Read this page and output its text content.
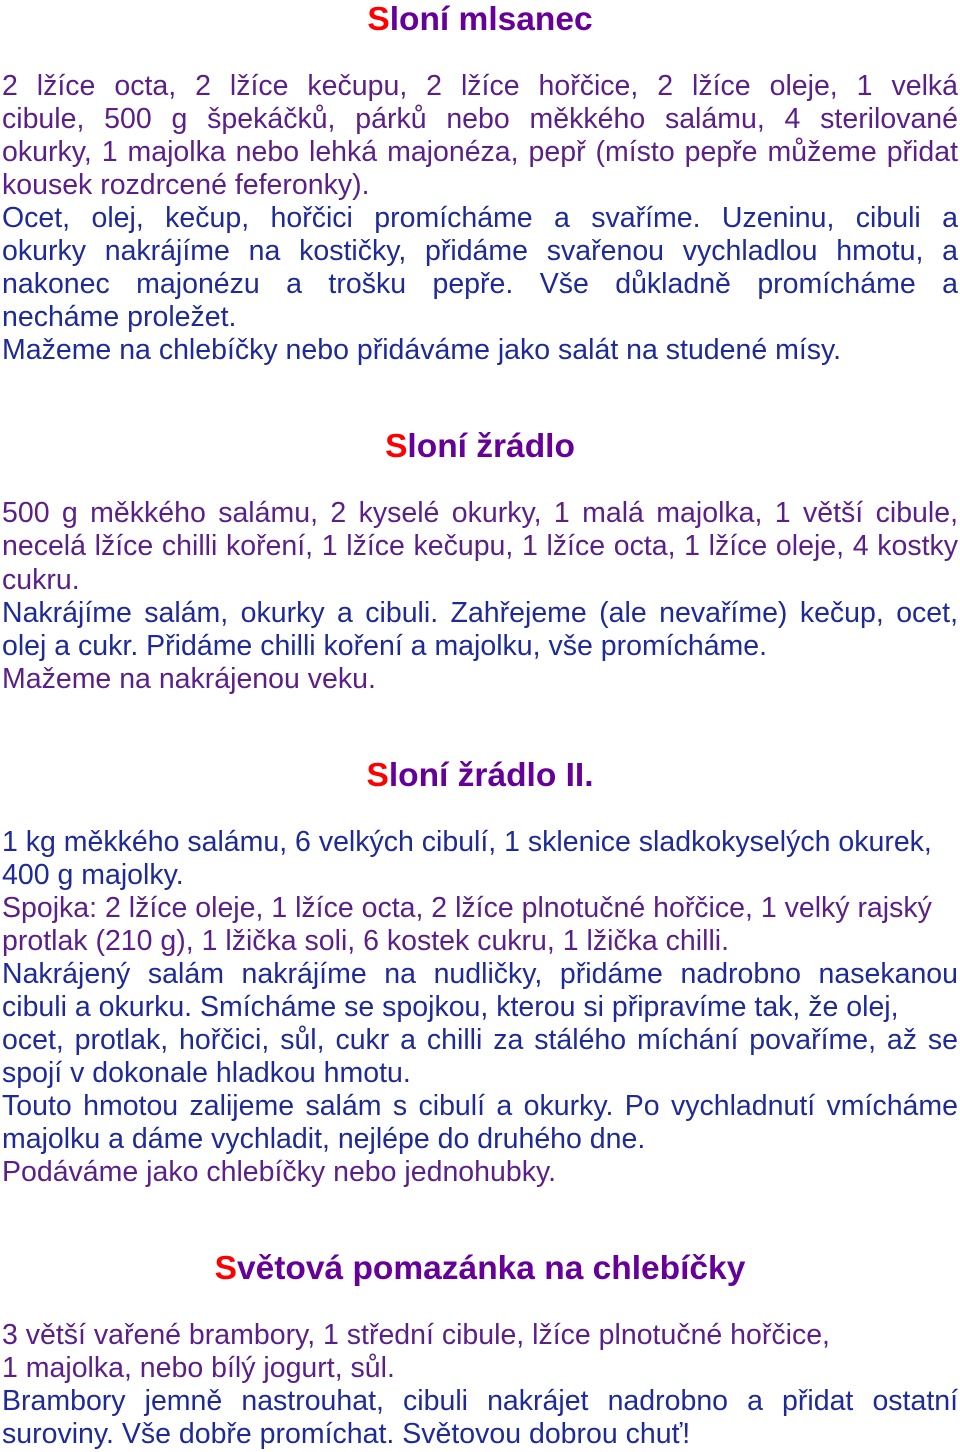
Sloní mlsanec
2 lžíce octa, 2 lžíce kečupu, 2 lžíce hořčice, 2 lžíce oleje, 1 velká
cibule, 500 g špekáčků, párků nebo měkkého salámu, 4 sterilované
okurky, 1 majolka nebo lehká majonéza, pepř (místo pepře můžeme přidat
kousek rozdrcené feferonky).
Ocet, olej, kečup, hořčici promícháme a svaříme. Uzeninu, cibuli a
okurky nakrájíme na kostičky, přidáme svařenou vychladlou hmotu, a
nakonec majonézu a trošku pepře. Vše důkladně promícháme a
necháme proležet.
Mažeme na chlebíčky nebo přidáváme jako salát na studené mísy.
Sloní žrádlo
500 g měkkého salámu, 2 kyselé okurky, 1 malá majolka, 1 větší cibule,
necelá lžíce chilli koření, 1 lžíce kečupu, 1 lžíce octa, 1 lžíce oleje, 4 kostky
cukru.
Nakrájíme salám, okurky a cibuli. Zahřejeme (ale nevaříme) kečup, ocet,
olej a cukr. Přidáme chilli koření a majolku, vše promícháme.
Mažeme na nakrájenou veku.
Sloní žrádlo II.
1 kg měkkého salámu, 6 velkých cibulí, 1 sklenice sladkokyselých okurek,
400 g majolky.
Spojka: 2 lžíce oleje, 1 lžíce octa, 2 lžíce plnotučné hořčice, 1 velký rajský
protlak (210 g), 1 lžička soli, 6 kostek cukru, 1 lžička chilli.
Nakrájený salám nakrájíme na nudličky, přidáme nadrobno nasekanou
cibuli a okurku. Smícháme se spojkou, kterou si připravíme tak, že olej,
ocet, protlak, hořčici, sůl, cukr a chilli za stálého míchání povaříme, až se
spojí v dokonale hladkou hmotu.
Touto hmotou zalijeme salám s cibulí a okurky. Po vychladnutí vmícháme
majolku a dáme vychladit, nejlépe do druhého dne.
Podáváme jako chlebíčky nebo jednohubky.
Světová pomazánka na chlebíčky
3 větší vařené brambory, 1 střední cibule, lžíce plnotučné hořčice,
1 majolka, nebo bílý jogurt, sůl.
Brambory jemně nastrouhat, cibuli nakrájet nadrobno a přidat ostatní
suroviny. Vše dobře promíchat. Světovou dobrou chuť!
